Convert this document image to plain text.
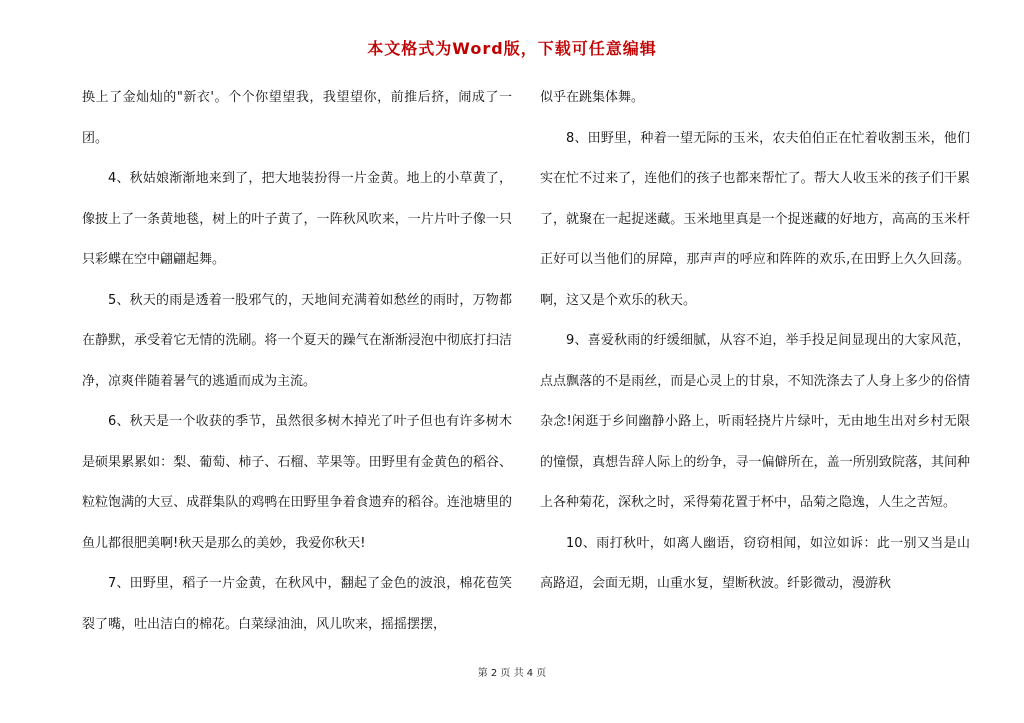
本文格式为Word版，下载可任意编辑

换上了金灿灿的"新衣'。个个你望望我，我望望你，前推后挤，闹成了一团。

4、秋姑娘渐渐地来到了，把大地装扮得一片金黄。地上的小草黄了，像披上了一条黄地毯，树上的叶子黄了，一阵秋风吹来，一片片叶子像一只只彩蝶在空中翩翩起舞。

5、秋天的雨是透着一股邪气的，天地间充满着如愁丝的雨时，万物都在静默，承受着它无情的洗刷。将一个夏天的躁气在渐渐浸泡中彻底打扫洁净，凉爽伴随着暑气的逃遁而成为主流。

6、秋天是一个收获的季节，虽然很多树木掉光了叶子但也有许多树木是硕果累累如：梨、葡萄、柿子、石榴、苹果等。田野里有金黄色的稻谷、粒粒饱满的大豆、成群集队的鸡鸭在田野里争着食遗弃的稻谷。连池塘里的鱼儿都很肥美啊!秋天是那么的美妙，我爱你秋天!

7、田野里，稻子一片金黄，在秋风中，翻起了金色的波浪，棉花苞笑裂了嘴，吐出洁白的棉花。白菜绿油油，风儿吹来，摇摇摆摆，

似乎在跳集体舞。

8、田野里，种着一望无际的玉米，农夫伯伯正在忙着收割玉米，他们实在忙不过来了，连他们的孩子也都来帮忙了。帮大人收玉米的孩子们干累了，就聚在一起捉迷藏。玉米地里真是一个捉迷藏的好地方，高高的玉米杆正好可以当他们的屏障，那声声的呼应和阵阵的欢乐,在田野上久久回荡。啊，这又是个欢乐的秋天。

9、喜爱秋雨的纡缓细腻，从容不迫，举手投足间显现出的大家风范，点点飘落的不是雨丝，而是心灵上的甘泉，不知洗涤去了人身上多少的俗情杂念!闲逛于乡间幽静小路上，听雨轻挠片片绿叶，无由地生出对乡村无限的憧憬，真想告辞人际上的纷争，寻一偏僻所在，盖一所别致院落，其间种上各种菊花，深秋之时，采得菊花置于杯中，品菊之隐逸，人生之苦短。

10、雨打秋叶，如离人幽语，窃窃相闻，如泣如诉：此一别又当是山高路迢，会面无期，山重水复，望断秋波。纤影微动，漫游秋

第 2 页 共 4 页
